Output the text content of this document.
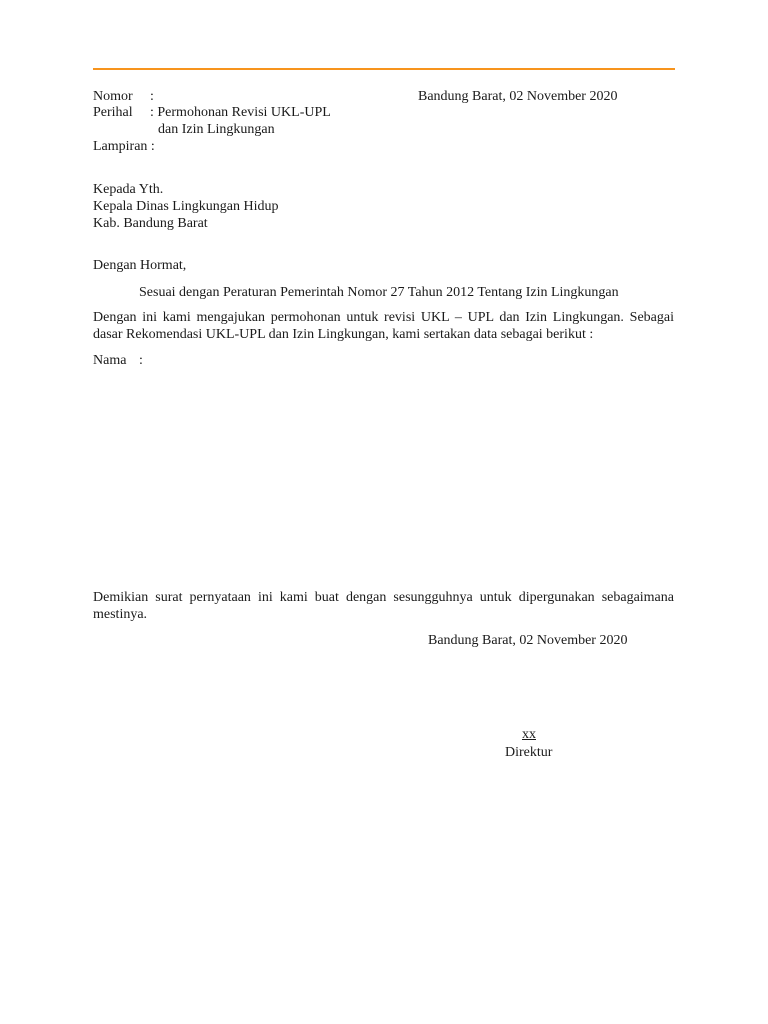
Nomor :	Bandung Barat, 02 November 2020
Perihal : Permohonan Revisi UKL-UPL
dan Izin Lingkungan
Lampiran :
Kepada Yth.
Kepala Dinas Lingkungan Hidup
Kab. Bandung Barat
Dengan Hormat,
Sesuai dengan Peraturan Pemerintah Nomor 27 Tahun 2012 Tentang Izin Lingkungan
Dengan ini kami mengajukan permohonan untuk revisi UKL – UPL dan Izin Lingkungan. Sebagai dasar Rekomendasi UKL-UPL dan Izin Lingkungan, kami sertakan data sebagai berikut :
Nama :
Demikian surat pernyataan ini kami buat dengan sesungguhnya untuk dipergunakan sebagaimana mestinya.
Bandung Barat, 02 November 2020
xx
Direktur
